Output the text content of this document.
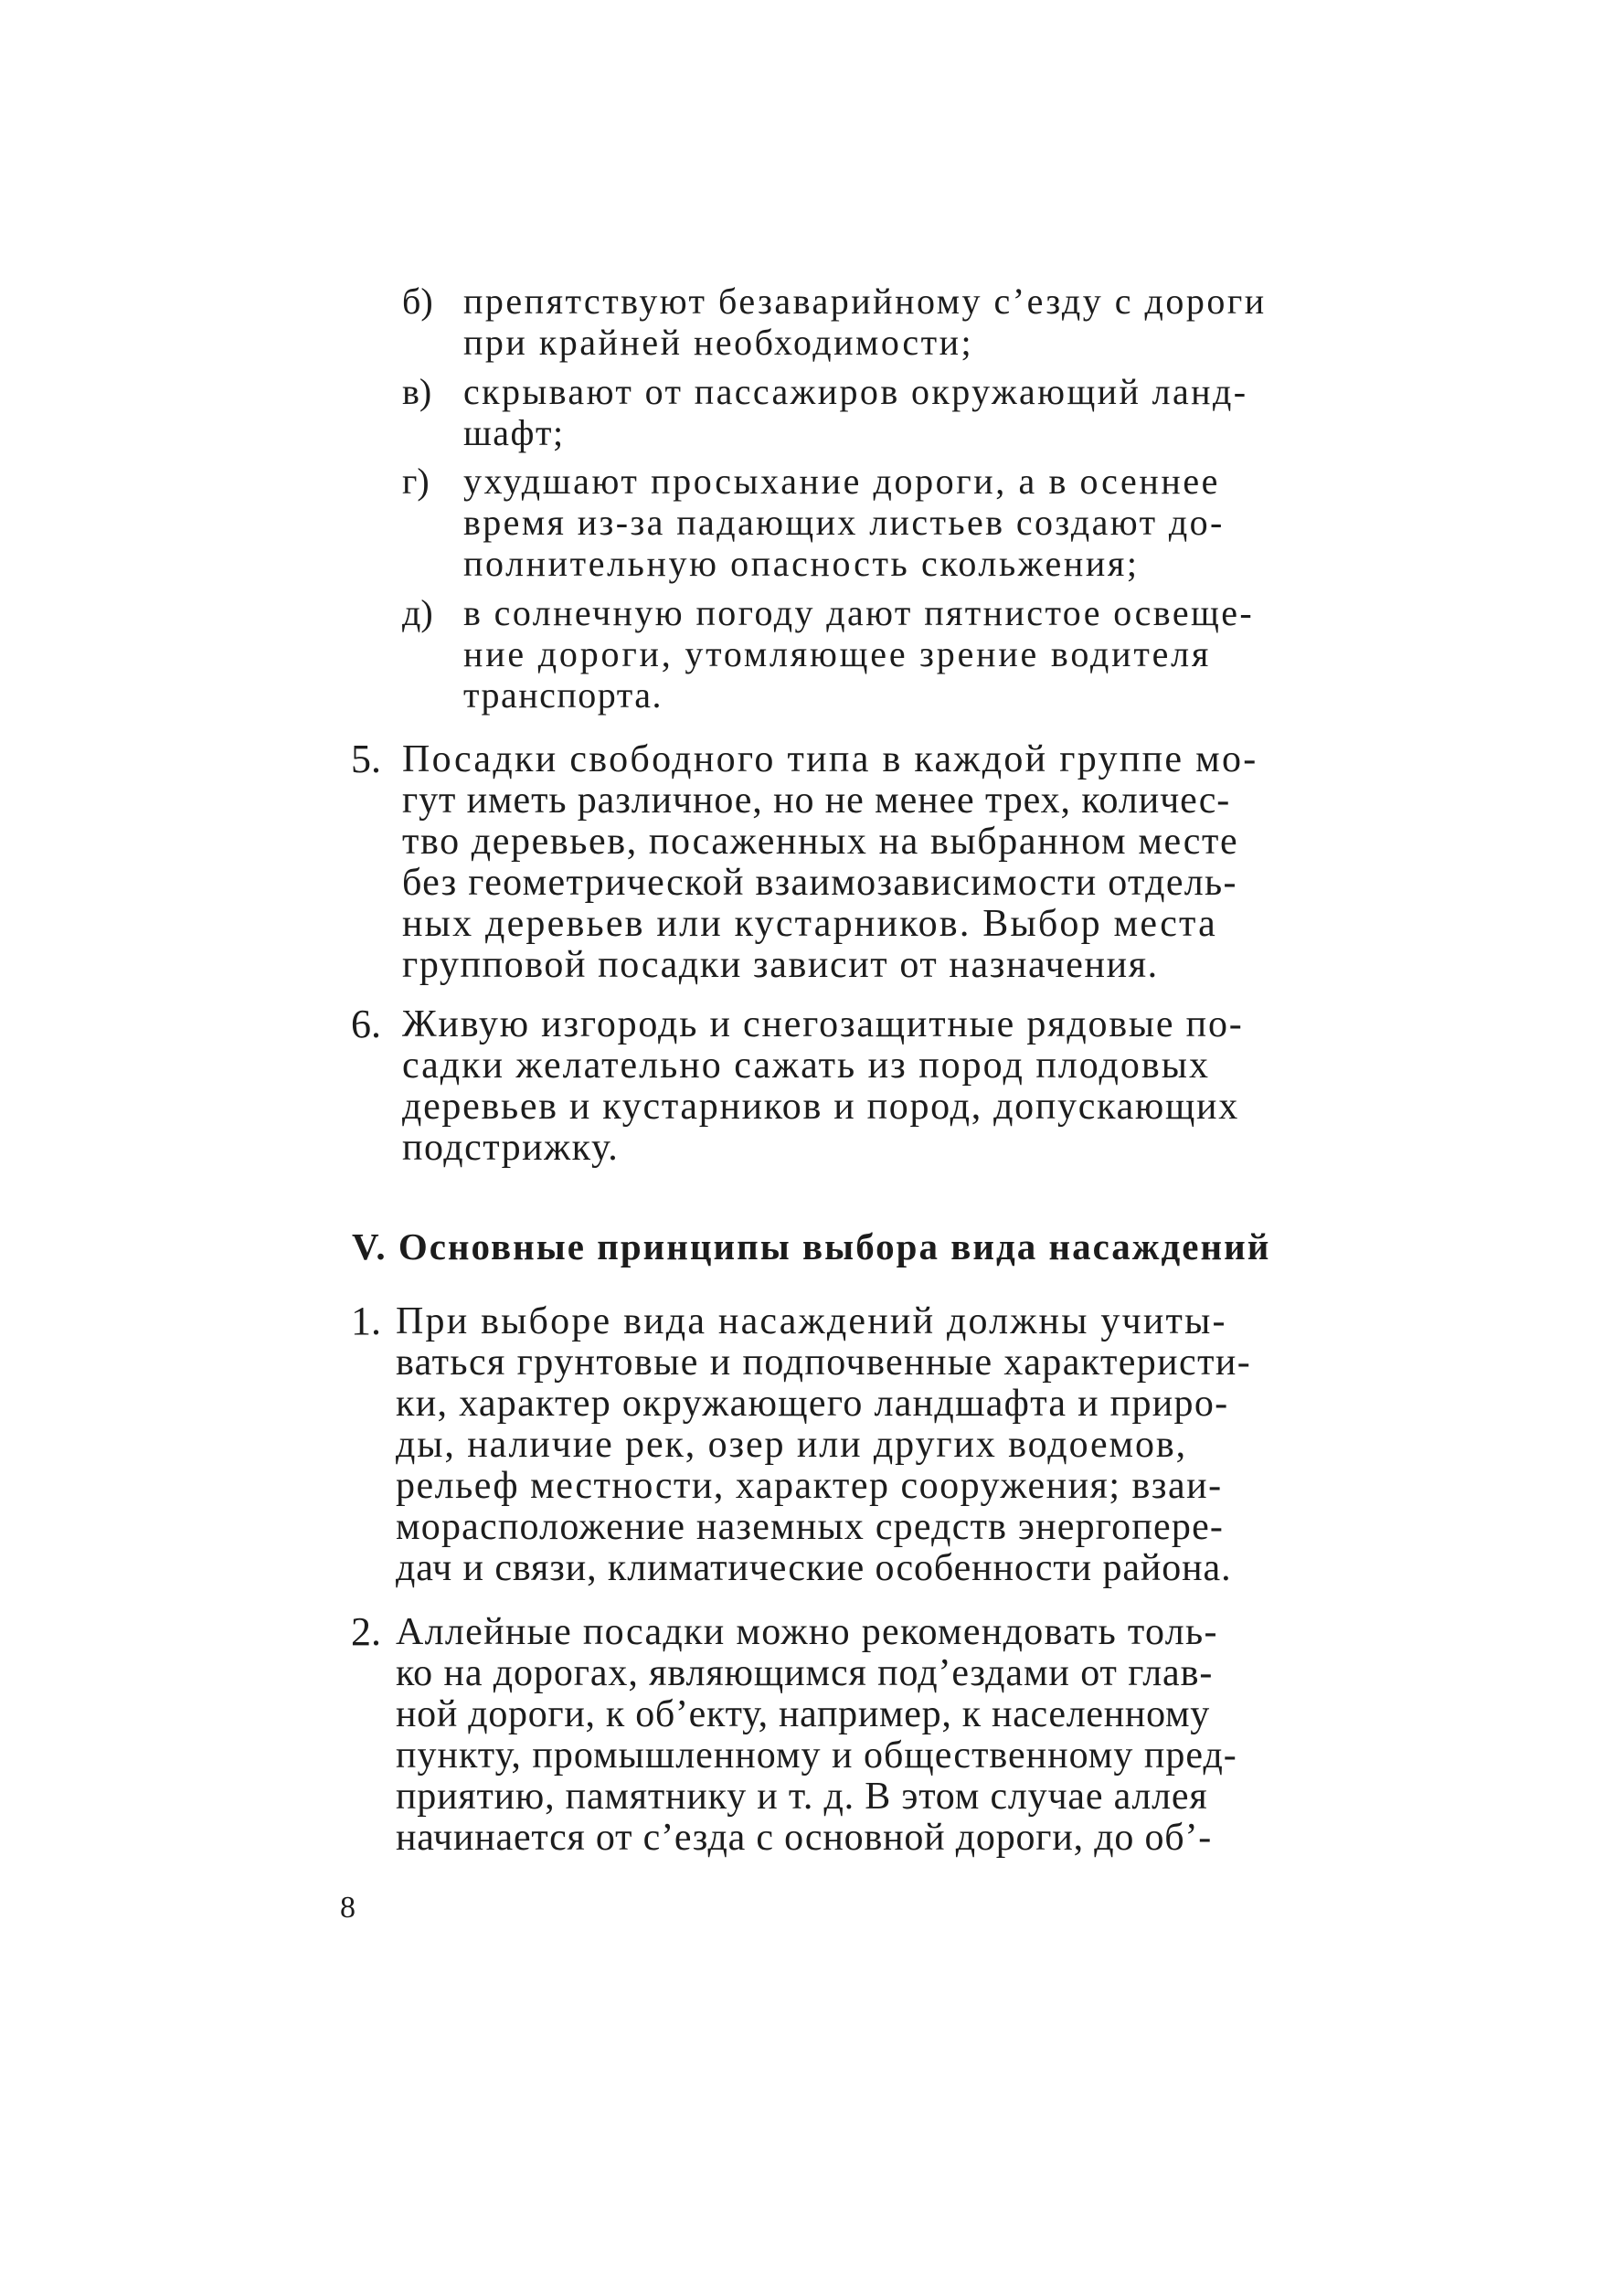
б) препятствуют безаварийному с’езду с дороги
при крайней необходимости;
в) скрывают от пассажиров окружающий ланд-
шафт;
г) ухудшают просыхание дороги, а в осеннее
время из-за падающих листьев создают до-
полнительную опасность скольжения;
д) в солнечную погоду дают пятнистое освеще-
ние дороги, утомляющее зрение водителя
транспорта.
5. Посадки свободного типа в каждой группе мо-
гут иметь различное, но не менее трех, количес-
тво деревьев, посаженных на выбранном месте
без геометрической взаимозависимости отдель-
ных деревьев или кустарников. Выбор места
групповой посадки зависит от назначения.
6. Живую изгородь и снегозащитные рядовые по-
садки желательно сажать из пород плодовых
деревьев и кустарников и пород, допускающих
подстрижку.
V. Основные принципы выбора вида насаждений
1. При выборе вида насаждений должны учиты-
ваться грунтовые и подпочвенные характеристи-
ки, характер окружающего ландшафта и приро-
ды, наличие рек, озер или других водоемов,
рельеф местности, характер сооружения; взаи-
морасположение наземных средств энергопере-
дач и связи, климатические особенности района.
2. Аллейные посадки можно рекомендовать толь-
ко на дорогах, являющимся под’ездами от глав-
ной дороги, к об’екту, например, к населенному
пункту, промышленному и общественному пред-
приятию, памятнику и т. д. В этом случае аллея
начинается от с’езда с основной дороги, до об’-
8
